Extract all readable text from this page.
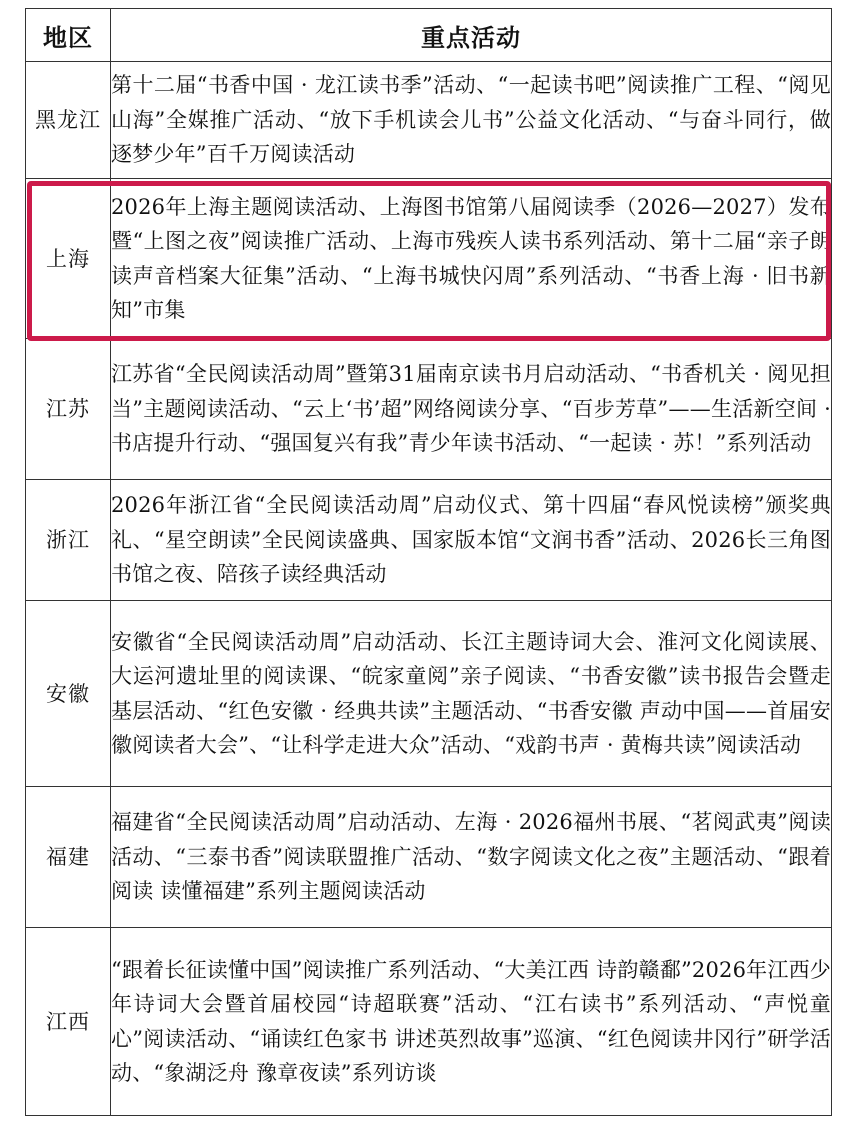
地区	重点活动
黑龙江	第十二届“书香中国 · 龙江读书季”活动、“一起读书吧”阅读推广工程、“阅见山海”全媒推广活动、“放下手机读会儿书”公益文化活动、“与奋斗同行，做逐梦少年”百千万阅读活动
上海	2026年上海主题阅读活动、上海图书馆第八届阅读季（2026—2027）发布暨“上图之夜”阅读推广活动、上海市残疾人读书系列活动、第十二届“亲子朗读声音档案大征集”活动、“上海书城快闪周”系列活动、“书香上海 · 旧书新知”市集
江苏	江苏省“全民阅读活动周”暨第31届南京读书月启动活动、“书香机关 · 阅见担当”主题阅读活动、“云上‘书’超”网络阅读分享、“百步芳草”——生活新空间 · 书店提升行动、“强国复兴有我”青少年读书活动、“一起读 · 苏！”系列活动
浙江	2026年浙江省“全民阅读活动周”启动仪式、第十四届“春风悦读榜”颁奖典礼、“星空朗读”全民阅读盛典、国家版本馆“文润书香”活动、2026长三角图书馆之夜、陪孩子读经典活动
安徽	安徽省“全民阅读活动周”启动活动、长江主题诗词大会、淮河文化阅读展、大运河遗址里的阅读课、“皖家童阅”亲子阅读、“书香安徽”读书报告会暨走基层活动、“红色安徽 · 经典共读”主题活动、“书香安徽 声动中国——首届安徽阅读者大会”、“让科学走进大众”活动、“戏韵书声 · 黄梅共读”阅读活动
福建	福建省“全民阅读活动周”启动活动、左海 · 2026福州书展、“茗阅武夷”阅读活动、“三泰书香”阅读联盟推广活动、“数字阅读文化之夜”主题活动、“跟着阅读 读懂福建”系列主题阅读活动
江西	“跟着长征读懂中国”阅读推广系列活动、“大美江西 诗韵赣鄱”2026年江西少年诗词大会暨首届校园“诗超联赛”活动、“江右读书”系列活动、“声悦童心”阅读活动、“诵读红色家书 讲述英烈故事”巡演、“红色阅读井冈行”研学活动、“象湖泛舟 豫章夜读”系列访谈
